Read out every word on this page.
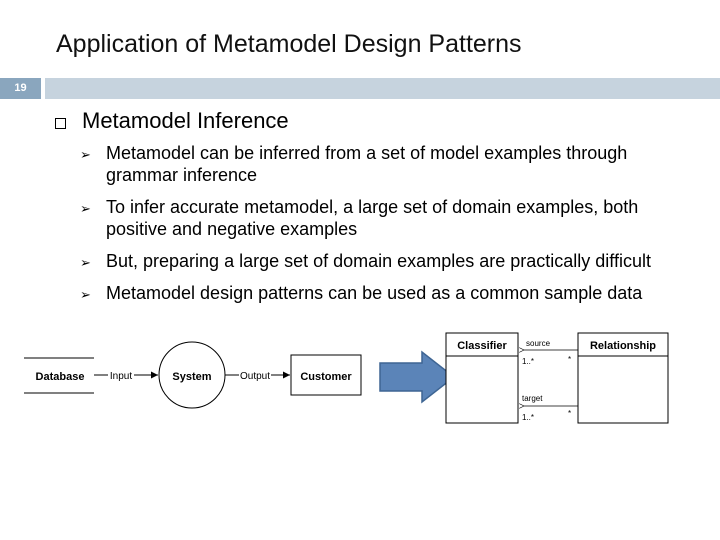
Application of Metamodel Design Patterns
19
Metamodel Inference
➢ Metamodel can be inferred from a set of model examples through grammar inference
➢ To infer accurate metamodel, a large set of domain examples, both positive and negative examples
➢ But, preparing a large set of domain examples are practically difficult
➢ Metamodel design patterns can be used as a common sample data
Database	Input	System	Output	Customer
Classifier	Relationship
source
1..*	*
target
1..*	*
